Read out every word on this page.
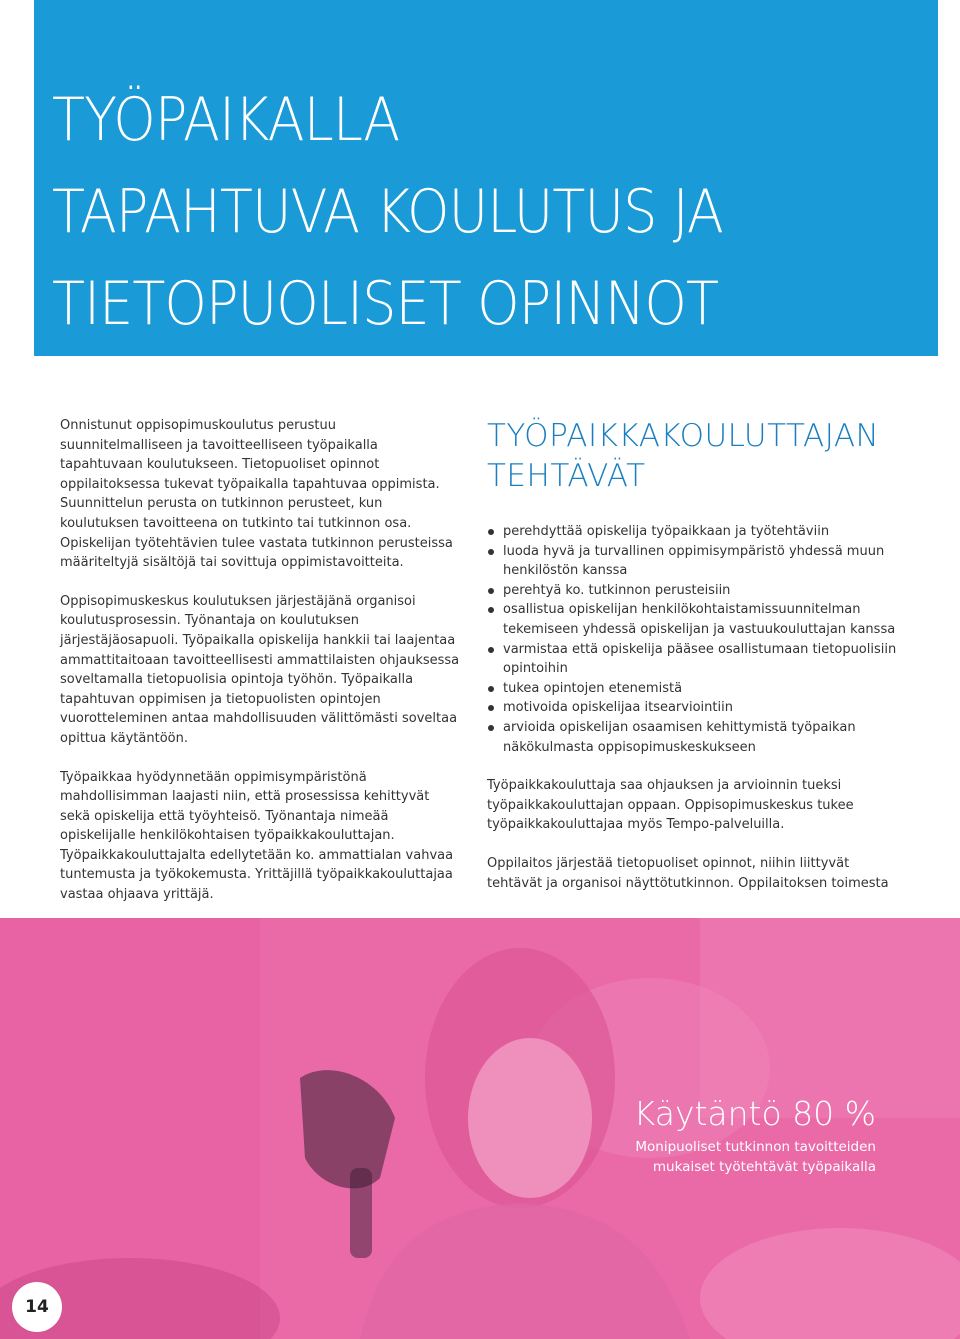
TYÖPAIKALLA
TAPAHTUVA KOULUTUS JA
TIETOPUOLISET OPINNOT

Onnistunut oppisopimuskoulutus perustuu suunnitelmalliseen ja tavoitteelliseen työpaikalla tapahtuvaan koulutukseen. Tietopuoliset opinnot oppilaitoksessa tukevat työpaikalla tapahtuvaa oppimista. Suunnittelun perusta on tutkinnon perusteet, kun koulutuksen tavoitteena on tutkinto tai tutkinnon osa. Opiskelijan työtehtävien tulee vastata tutkinnon perusteissa määriteltyjä sisältöjä tai sovittuja oppimistavoitteita.

Oppisopimuskeskus koulutuksen järjestäjänä organisoi koulutusprosessin. Työnantaja on koulutuksen järjestäjäosapuoli. Työpaikalla opiskelija hankkii tai laajentaa ammattitaitoaan tavoitteellisesti ammattilaisten ohjauksessa soveltamalla tietopuolisia opintoja työhön. Työpaikalla tapahtuvan oppimisen ja tietopuolisten opintojen vuorottelеminen antaa mahdollisuuden välittömästi soveltaa opittua käytäntöön.

Työpaikkaa hyödynnetään oppimisympäristönä mahdollisimman laajasti niin, että prosessissa kehittyvät sekä opiskelija että työyhteisö. Työnantaja nimeää opiskelijalle henkilökohtaisen työpaikkakouluttajan. Työpaikkakouluttajalta edellytetään ko. ammattialan vahvaa tuntemusta ja työkokemusta. Yrittäjillä työpaikkakouluttajaa vastaa ohjaava yrittäjä.

TYÖPAIKKAKOULUTTAJAN
TEHTÄVÄT
perehdyttää opiskelija työpaikkaan ja työtehtäviin
luoda hyvä ja turvallinen oppimisympäristö yhdessä muun henkilöstön kanssa
perehtyä ko. tutkinnon perusteisiin
osallistua opiskelijan henkilökohtaistamissuunnitelman tekemiseen yhdessä opiskelijan ja vastuukouluttajan kanssa
varmistaa että opiskelija pääsee osallistumaan tietopuolisiin opintoihin
tukea opintojen etenemistä
motivoida opiskelijaa itsearviointiin
arvioida opiskelijan osaamisen kehittymistä työpaikan näkökulmasta oppisopimuskeskukseen

Työpaikkakouluttaja saa ohjauksen ja arvioinnin tueksi työpaikkakouluttajan oppaan. Oppisopimuskeskus tukee työpaikkakouluttajaa myös Tempo-palveluilla.

Oppilaitos järjestää tietopuoliset opinnot, niihin liittyvät tehtävät ja organisoi näyttötutkinnon. Oppilaitoksen toimesta

Käytäntö 80 %

Monipuoliset tutkinnon tavoitteiden mukaiset työtehtävät työpaikalla

14
